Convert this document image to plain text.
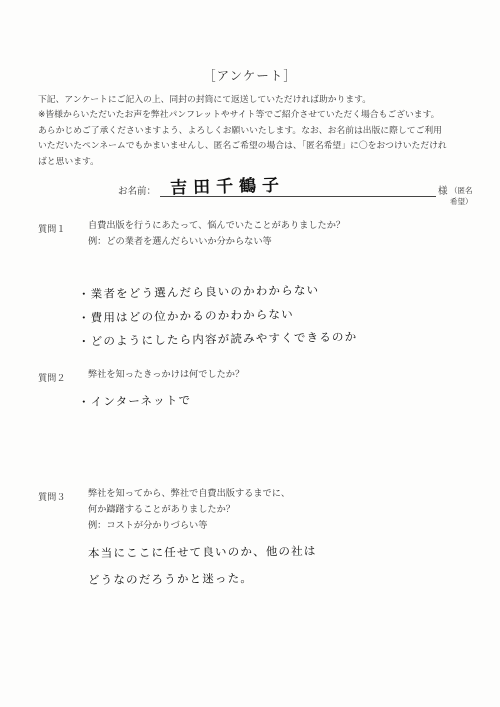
［アンケート］
下記、アンケートにご記入の上、同封の封筒にて返送していただければ助かります。
※皆様からいただいたお声を弊社パンフレットやサイト等でご紹介させていただく場合もございます。
あらかじめご了承くださいますよう、よろしくお願いいたします。なお、お名前は出版に際してご利用
いただいたペンネームでもかまいませんし、匿名ご希望の場合は、「匿名希望」に〇をおつけいただけれ
ばと思います。
お名前： 吉田千鶴子	様 （匿名希望）
質問１ 自費出版を行うにあたって、悩んでいたことがありましたか？
例：どの業者を選んだらいいか分からない等
・業者をどう選んだら良いのかわからない
・費用はどの位かかるのかわからない
・どのようにしたら内容が読みやすくできるのか
質問２ 弊社を知ったきっかけは何でしたか？
・インターネットで
質問３ 弊社を知ってから、弊社で自費出版するまでに、
何か躊躇することがありましたか？
例：コストが分かりづらい等
本当にここに任せて良いのか、他の社は
どうなのだろうかと迷った。
